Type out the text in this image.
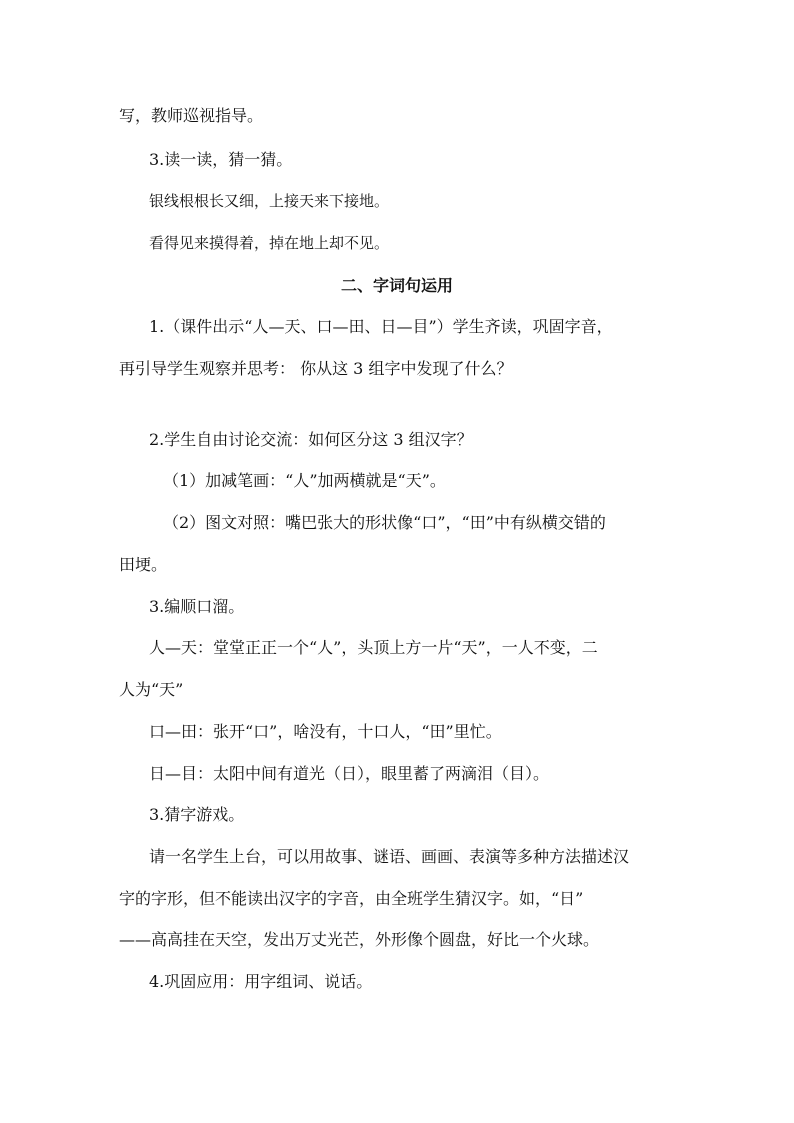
写，教师巡视指导。
3.读一读，猜一猜。
银线根根长又细，上接天来下接地。
看得见来摸得着，掉在地上却不见。
二、字词句运用
1.（课件出示“人—天、口—田、日—目”）学生齐读，巩固字音，
再引导学生观察并思考： 你从这 3 组字中发现了什么？
2.学生自由讨论交流：如何区分这 3 组汉字？
（1）加减笔画：“人”加两横就是“天”。
（2）图文对照：嘴巴张大的形状像“口”，“田”中有纵横交错的
田埂。
3.编顺口溜。
人—天：堂堂正正一个“人”，头顶上方一片“天”，一人不变，二
人为“天”
口—田：张开“口”，啥没有，十口人，“田”里忙。
日—目：太阳中间有道光（日），眼里蓄了两滴泪（目）。
3.猜字游戏。
请一名学生上台，可以用故事、谜语、画画、表演等多种方法描述汉
字的字形，但不能读出汉字的字音，由全班学生猜汉字。如，“日”
——高高挂在天空，发出万丈光芒，外形像个圆盘，好比一个火球。
4.巩固应用：用字组词、说话。
